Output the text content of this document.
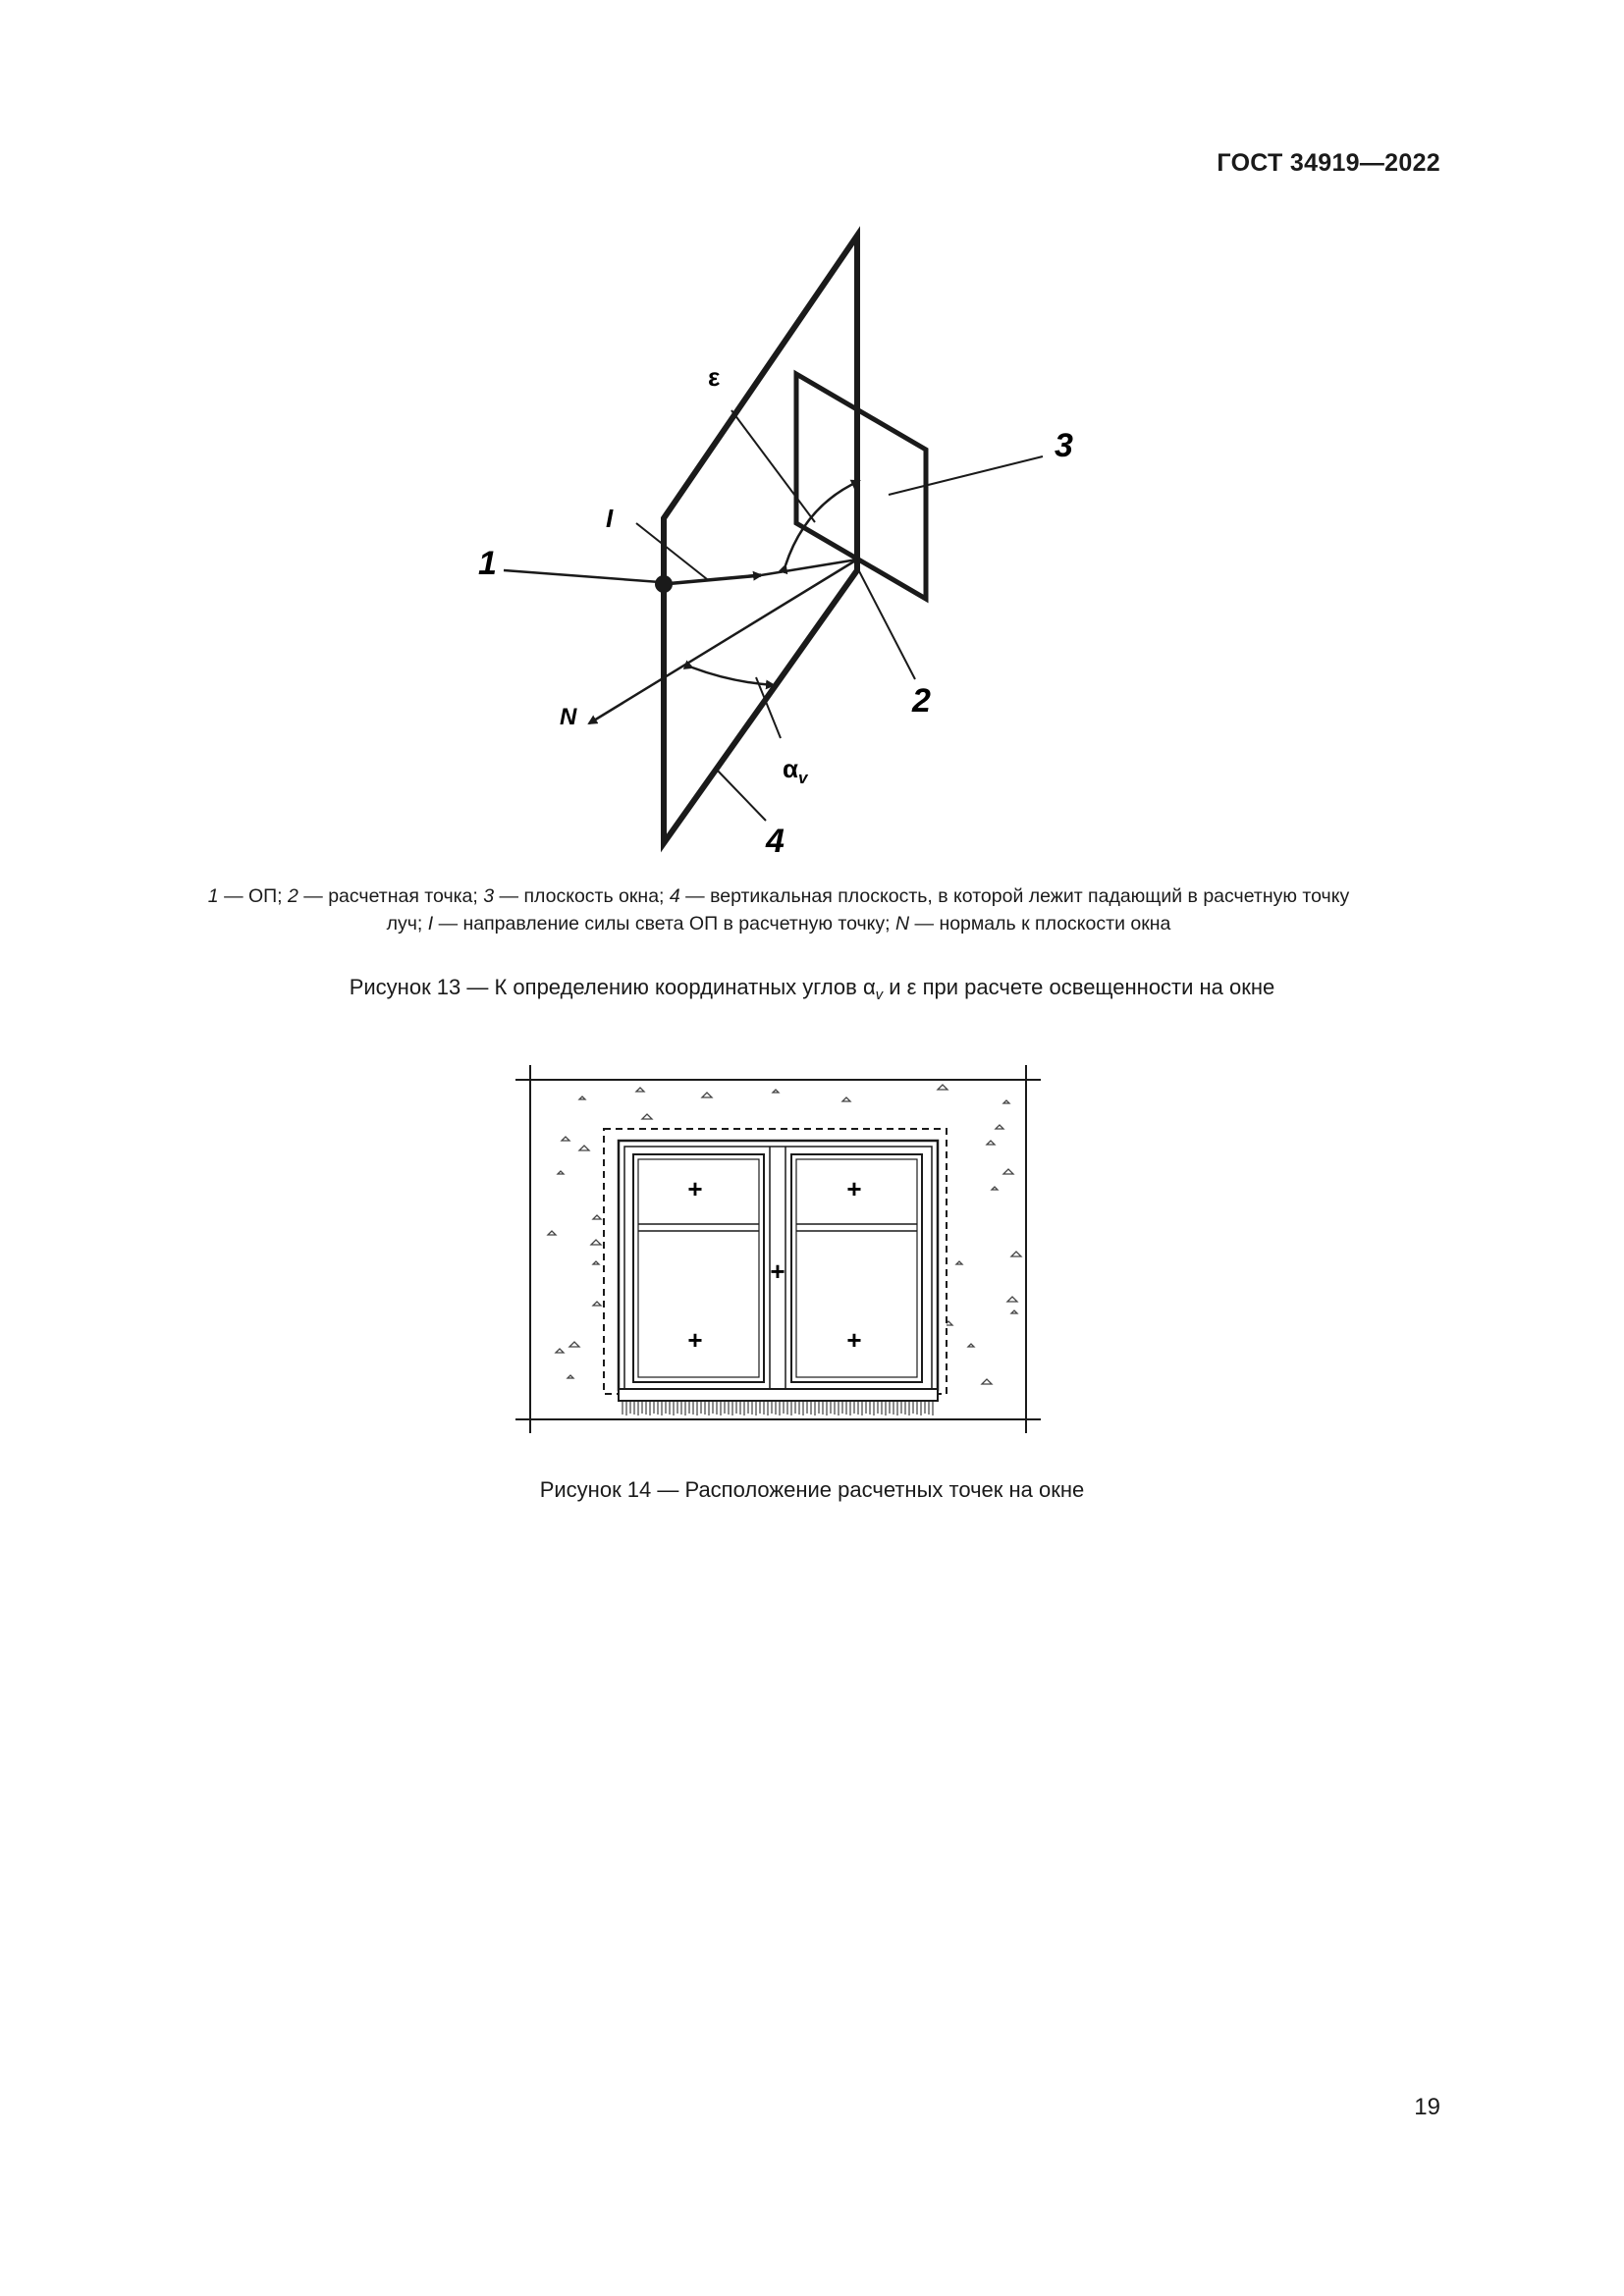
ГОСТ 34919—2022
1
2
3
4
I
N
ε
$\alpha_v$
1 — ОП; 2 — расчетная точка; 3 — плоскость окна; 4 — вертикальная плоскость, в которой лежит падающий в расчетную точку
луч; I — направление силы света ОП в расчетную точку; N — нормаль к плоскости окна
Рисунок 13 — К определению координатных углов $\alpha_v$ и ε при расчете освещенности на окне
+	+
+
+	+
Рисунок 14 — Расположение расчетных точек на окне
19
